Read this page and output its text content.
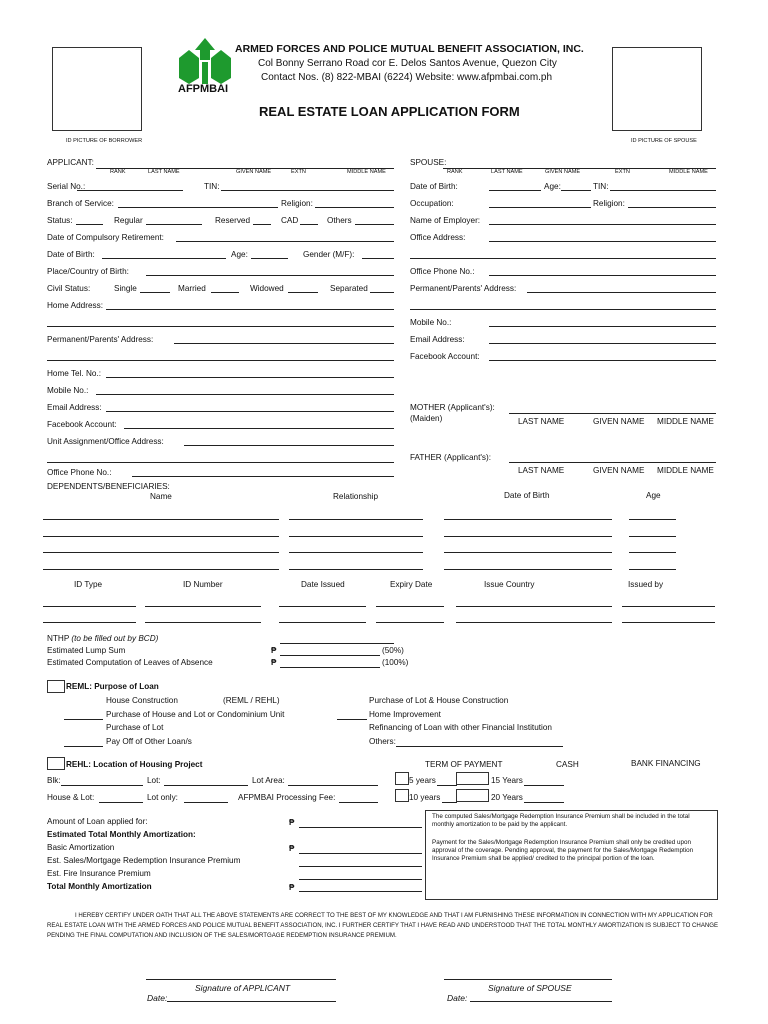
ID PICTURE OF BORROWER	ID PICTURE OF SPOUSE
AFPMBAI
ARMED FORCES AND POLICE MUTUAL BENEFIT ASSOCIATION, INC.
Col Bonny Serrano Road cor E. Delos Santos Avenue, Quezon City
Contact Nos. (8) 822-MBAI (6224) Website: www.afpmbai.com.ph
REAL ESTATE LOAN APPLICATION FORM
APPLICANT:
RANK	LAST NAME	GIVEN NAME	EXTN	MIDDLE NAME
Serial No.:	TIN:
Branch of Service:	Religion:
Status:	Regular	Reserved	CAD	Others
Date of Compulsory Retirement:
Date of Birth:	Age:	Gender (M/F):
Place/Country of Birth:
Civil Status:	Single	Married	Widowed	Separated
Home Address:
Permanent/Parents' Address:
Home Tel. No.:
Mobile No.:
Email Address:
Facebook Account:
Unit Assignment/Office Address:
Office Phone No.:
SPOUSE:
RANK	LAST NAME	GIVEN NAME	EXTN	MIDDLE NAME
Date of Birth:	Age:	TIN:
Occupation:	Religion:
Name of Employer:
Office Address:
Office Phone No.:
Permanent/Parents' Address:
Mobile No.:
Email Address:
Facebook Account:
MOTHER (Applicant's):
(Maiden)	LAST NAME	GIVEN NAME MIDDLE NAME
FATHER (Applicant's):
LAST NAME	GIVEN NAME MIDDLE NAME
DEPENDENTS/BENEFICIARIES:
Name	Relationship	Date of Birth	Age
ID Type	ID Number	Date Issued	Expiry Date	Issue Country	Issued by
NTHP (to be filled out by BCD)
Estimated Lump Sum	₱	(50%)
Estimated Computation of Leaves of Absence	₱	(100%)
REML: Purpose of Loan
House Construction	(REML / REHL)
Purchase of House and Lot or Condominium Unit
Purchase of Lot
Pay Off of Other Loan/s
Purchase of Lot & House Construction
Home Improvement
Refinancing of Loan with other Financial Institution
Others:
REHL: Location of Housing Project	TERM OF PAYMENT	CASH	BANK FINANCING
Blk:	Lot:	Lot Area:	5 years	15 Years
House & Lot:	Lot only:	AFPMBAI Processing Fee:	10 years	20 Years
Amount of Loan applied for:	₱
Estimated Total Monthly Amortization:
Basic Amortization	₱
Est. Sales/Mortgage Redemption Insurance Premium
Est. Fire Insurance Premium
Total Monthly Amortization	₱
The computed Sales/Mortgage Redemption Insurance Premium shall be included in the total monthly amortization to be paid by the applicant.
Payment for the Sales/Mortgage Redemption Insurance Premium shall only be credited upon approval of the coverage. Pending approval, the payment for the Sales/Mortgage Redemption Insurance Premium shall be applied/ credited to the principal portion of the loan.
I HEREBY CERTIFY UNDER OATH THAT ALL THE ABOVE STATEMENTS ARE CORRECT TO THE BEST OF MY KNOWLEDGE AND THAT I AM FURNISHING THESE INFORMATION IN CONNECTION WITH MY APPLICATION FOR REAL ESTATE LOAN WITH THE ARMED FORCES AND POLICE MUTUAL BENEFIT ASSOCIATION, INC. I FURTHER CERTIFY THAT I HAVE READ AND UNDERSTOOD THAT THE TOTAL MONTHLY AMORTIZATION IS SUBJECT TO CHANGE PENDING THE FINAL COMPUTATION AND INCLUSION OF THE SALES/MORTGAGE REDEMPTION INSURANCE PREMIUM.
Signature of APPLICANT
Date:
Signature of SPOUSE
Date:
